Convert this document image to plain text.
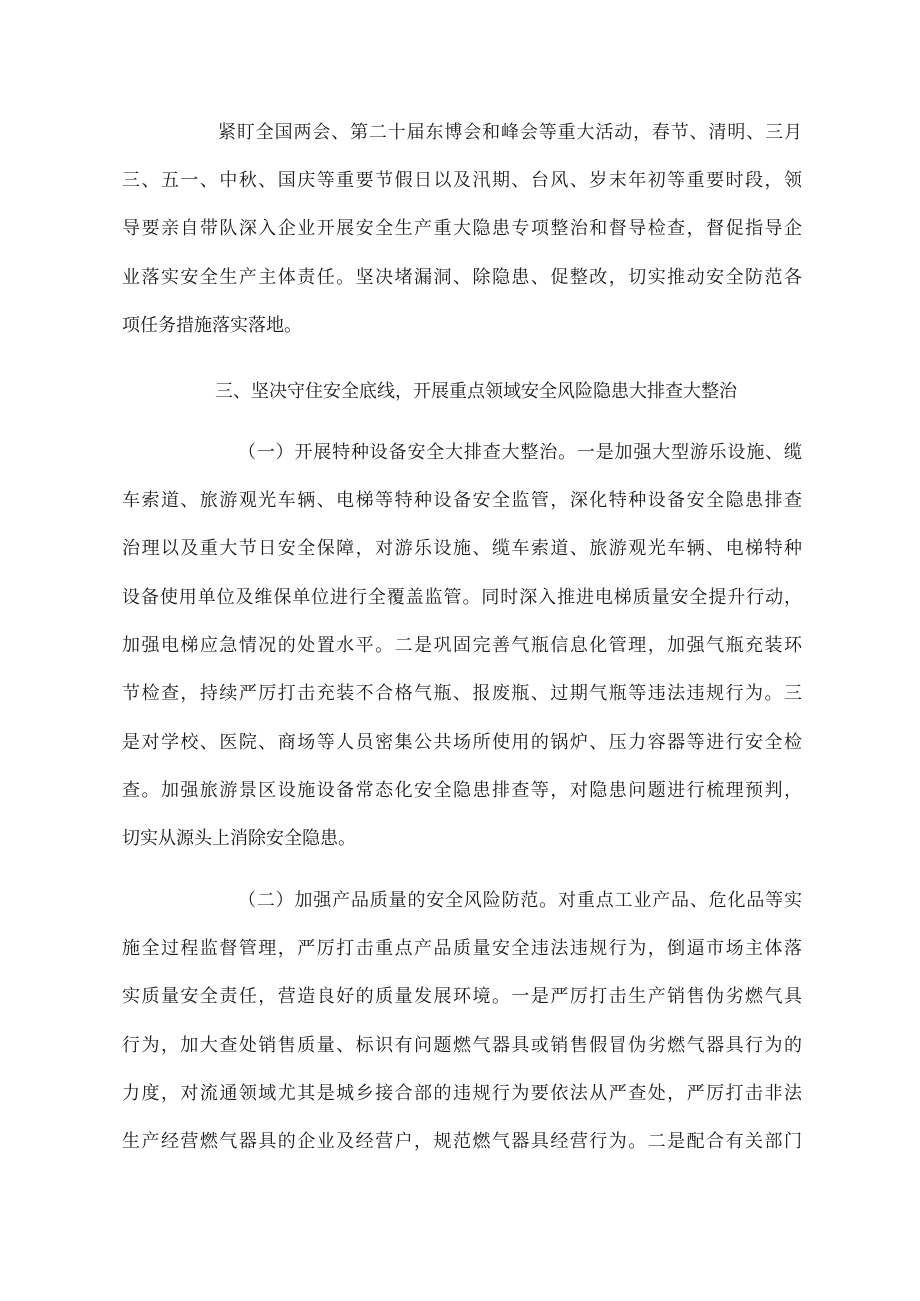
紧盯全国两会、第二十届东博会和峰会等重大活动，春节、清明、三月

三、五一、中秋、国庆等重要节假日以及汛期、台风、岁末年初等重要时段，领

导要亲自带队深入企业开展安全生产重大隐患专项整治和督导检查，督促指导企

业落实安全生产主体责任。坚决堵漏洞、除隐患、促整改，切实推动安全防范各

项任务措施落实落地。

三、坚决守住安全底线，开展重点领域安全风险隐患大排查大整治

（一）开展特种设备安全大排查大整治。一是加强大型游乐设施、缆

车索道、旅游观光车辆、电梯等特种设备安全监管，深化特种设备安全隐患排查

治理以及重大节日安全保障，对游乐设施、缆车索道、旅游观光车辆、电梯特种

设备使用单位及维保单位进行全覆盖监管。同时深入推进电梯质量安全提升行动，

加强电梯应急情况的处置水平。二是巩固完善气瓶信息化管理，加强气瓶充装环

节检查，持续严厉打击充装不合格气瓶、报废瓶、过期气瓶等违法违规行为。三

是对学校、医院、商场等人员密集公共场所使用的锅炉、压力容器等进行安全检

查。加强旅游景区设施设备常态化安全隐患排查等，对隐患问题进行梳理预判，

切实从源头上消除安全隐患。

（二）加强产品质量的安全风险防范。对重点工业产品、危化品等实

施全过程监督管理，严厉打击重点产品质量安全违法违规行为，倒逼市场主体落

实质量安全责任，营造良好的质量发展环境。一是严厉打击生产销售伪劣燃气具

行为，加大查处销售质量、标识有问题燃气器具或销售假冒伪劣燃气器具行为的

力度，对流通领域尤其是城乡接合部的违规行为要依法从严查处，严厉打击非法

生产经营燃气器具的企业及经营户，规范燃气器具经营行为。二是配合有关部门
